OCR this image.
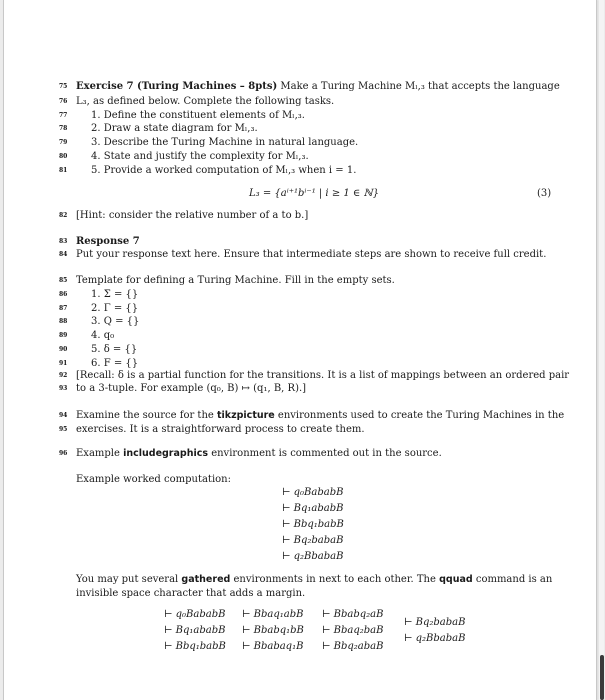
75
76
77
78
79
80
81
82
83
84
85
86
87
88
89
90
91
92
93
94
95
96
Exercise 7 (Turing Machines – 8pts) Make a Turing Machine Mₗ,₃ that accepts the language
L₃, as defined below. Complete the following tasks.
1. Define the constituent elements of Mₗ,₃.
2. Draw a state diagram for Mₗ,₃.
3. Describe the Turing Machine in natural language.
4. State and justify the complexity for Mₗ,₃.
5. Provide a worked computation of Mₗ,₃ when i = 1.
L₃ = {aⁱ⁺¹bⁱ⁻¹ | i ≥ 1 ∈ ℕ}	(3)
[Hint: consider the relative number of a to b.]
Response 7
Put your response text here. Ensure that intermediate steps are shown to receive full credit.
Template for defining a Turing Machine. Fill in the empty sets.
1. Σ = {}
2. Γ = {}
3. Q = {}
4. q₀
5. δ = {}
6. F = {}
[Recall: δ is a partial function for the transitions. It is a list of mappings between an ordered pair
to a 3-tuple. For example (q₀, B) ↦ (q₁, B, R).]
Examine the source for the tikzpicture environments used to create the Turing Machines in the
exercises. It is a straightforward process to create them.
Example includegraphics environment is commented out in the source.
Example worked computation:
⊢ q₀BababB
⊢ Bq₁ababB
⊢ Bbq₁babB
⊢ Bq₂babaB
⊢ q₂BbabaB
You may put several gathered environments in next to each other. The qquad command is an
invisible space character that adds a margin.
⊢ q₀BababB
⊢ Bq₁ababB
⊢ Bbq₁babB
⊢ Bbaq₁abB
⊢ Bbabq₁bB
⊢ Bbabaq₁B
⊢ Bbabq₂aB
⊢ Bbaq₂baB
⊢ Bbq₂abaB
⊢ Bq₂babaB
⊢ q₂BbabaB
